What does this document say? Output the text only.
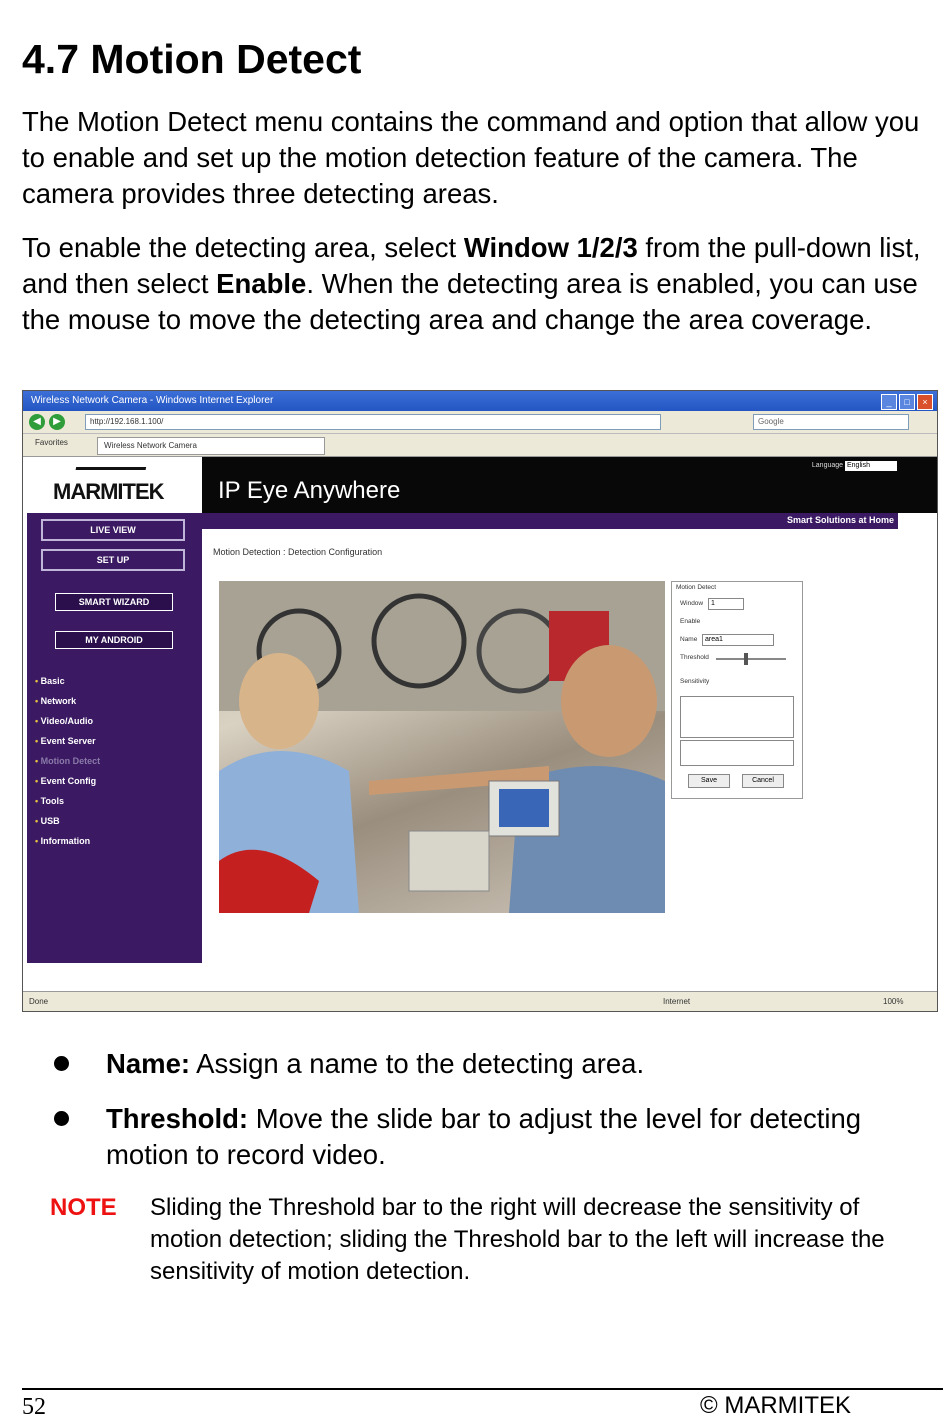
4.7 Motion Detect

The Motion Detect menu contains the command and option that allow you to enable and set up the motion detection feature of the camera. The camera provides three detecting areas.

To enable the detecting area, select Window 1/2/3 from the pull-down list, and then select Enable. When the detecting area is enabled, you can use the mouse to move the detecting area and change the area coverage.

Wireless Network Camera - Windows Internet Explorer	_ □ ×
◀	▶	http://192.168.1.100/	Google
Favorites	Wireless Network Camera
MARMITEK
LIVE VIEW
SET UP
SMART WIZARD
MY ANDROID
• Basic
• Network
• Video/Audio
• Event Server
• Motion Detect
• Event Config
• Tools
• USB
• Information
IP Eye Anywhere
Language English
Smart Solutions at Home
Motion Detection : Detection Configuration
Motion Detect
Window	1
Enable
Name	area1
Threshold
Sensitivity
Save	Cancel
Done	Internet	100%
Name: Assign a name to the detecting area.
Threshold: Move the slide bar to adjust the level for detecting motion to record video.
NOTE Sliding the Threshold bar to the right will decrease the sensitivity of motion detection; sliding the Threshold bar to the left will increase the sensitivity of motion detection.
52	© MARMITEK
